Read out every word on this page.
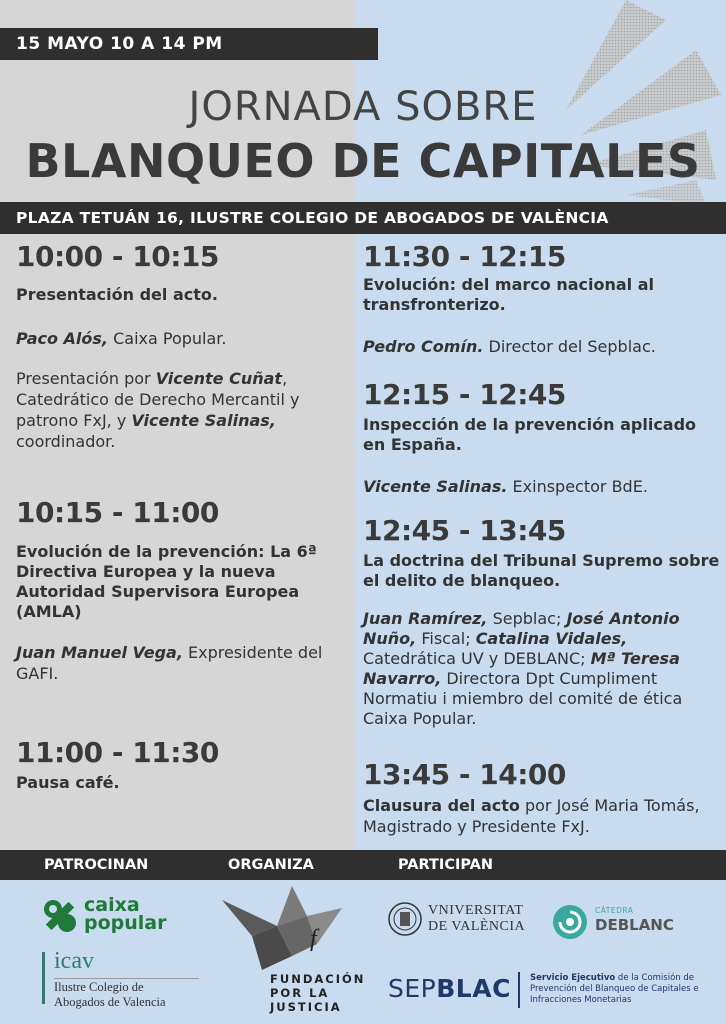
15 MAYO 10 A 14 PM
JORNADA SOBRE
BLANQUEO DE CAPITALES
PLAZA TETUÁN 16, ILUSTRE COLEGIO DE ABOGADOS DE VALÈNCIA
10:00 - 10:15
Presentación del acto.
Paco Alós, Caixa Popular.
Presentación por Vicente Cuñat, Catedrático de Derecho Mercantil y patrono FxJ, y Vicente Salinas, coordinador.
10:15 - 11:00
Evolución de la prevención: La 6ª Directiva Europea y la nueva Autoridad Supervisora Europea (AMLA)
Juan Manuel Vega, Expresidente del GAFI.
11:00 - 11:30
Pausa café.
11:30 - 12:15
Evolución: del marco nacional al transfronterizo.
Pedro Comín. Director del Sepblac.
12:15 - 12:45
Inspección de la prevención aplicado en España.
Vicente Salinas. Exinspector BdE.
12:45 - 13:45
La doctrina del Tribunal Supremo sobre el delito de blanqueo.
Juan Ramírez, Sepblac; José Antonio Nuño, Fiscal; Catalina Vidales, Catedrática UV y DEBLANC; Mª Teresa Navarro, Directora Dpt Cumpliment Normatiu i miembro del comité de ética Caixa Popular.
13:45 - 14:00
Clausura del acto por José Maria Tomás, Magistrado y Presidente FxJ.
PATROCINAN	ORGANIZA	PARTICIPAN
caixa
popular
icav
Ilustre Colegio de
Abogados de Valencia
f
FUNDACIÓN
POR LA
JUSTICIA
VNIVERSITAT
DE VALÈNCIA
CÁTEDRA
DEBLANC
SEPBLAC Servicio Ejecutivo de la Comisión de Prevención del Blanqueo de Capitales e Infracciones Monetarias
